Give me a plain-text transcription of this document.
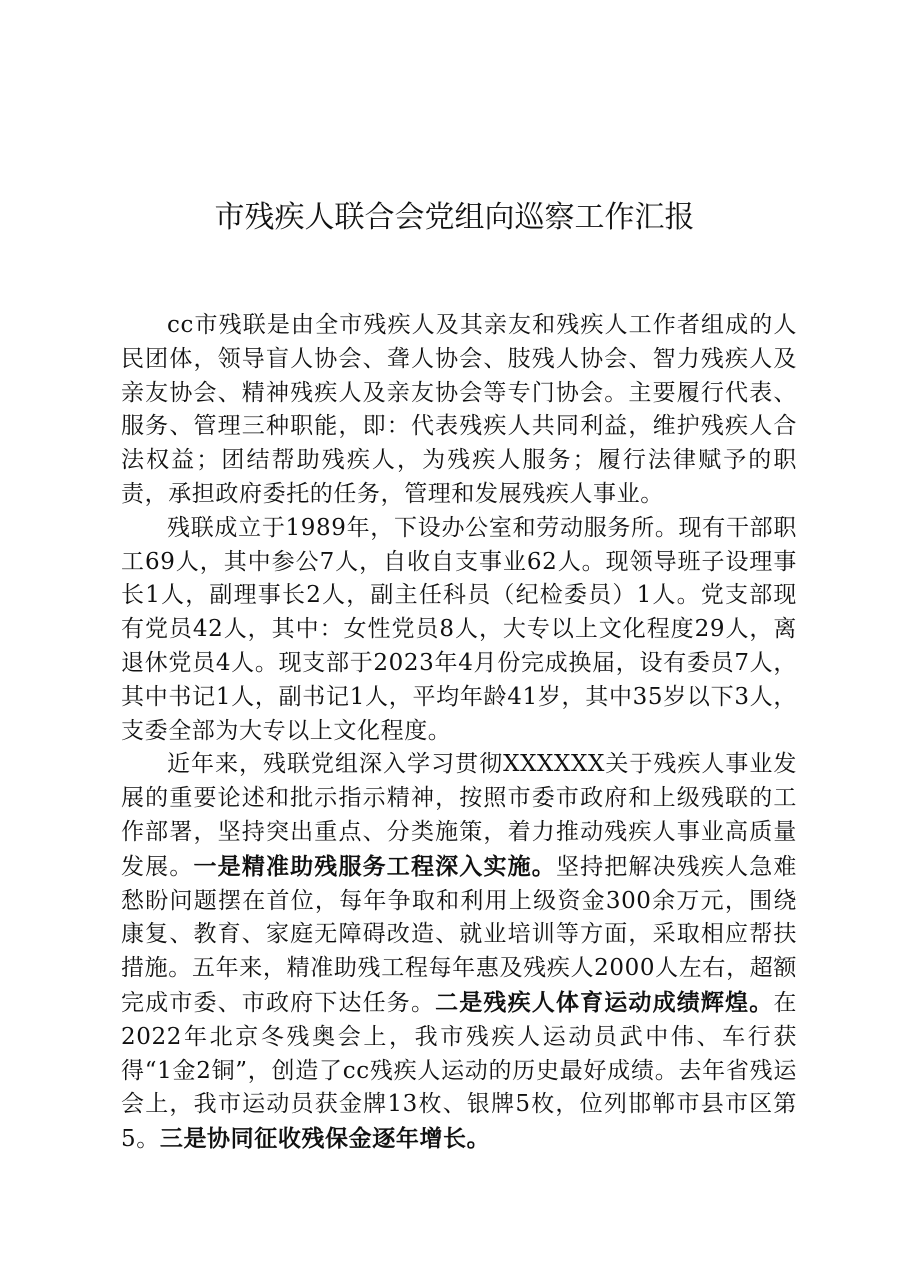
市残疾人联合会党组向巡察工作汇报

cc市残联是由全市残疾人及其亲友和残疾人工作者组成的人民团体，领导盲人协会、聋人协会、肢残人协会、智力残疾人及亲友协会、精神残疾人及亲友协会等专门协会。主要履行代表、服务、管理三种职能，即：代表残疾人共同利益，维护残疾人合法权益；团结帮助残疾人，为残疾人服务；履行法律赋予的职责，承担政府委托的任务，管理和发展残疾人事业。

残联成立于1989年，下设办公室和劳动服务所。现有干部职工69人，其中参公7人，自收自支事业62人。现领导班子设理事长1人，副理事长2人，副主任科员（纪检委员）1人。党支部现有党员42人，其中：女性党员8人，大专以上文化程度29人，离退休党员4人。现支部于2023年4月份完成换届，设有委员7人，其中书记1人，副书记1人，平均年龄41岁，其中35岁以下3人，支委全部为大专以上文化程度。

近年来，残联党组深入学习贯彻XXXXXX关于残疾人事业发展的重要论述和批示指示精神，按照市委市政府和上级残联的工作部署，坚持突出重点、分类施策，着力推动残疾人事业高质量发展。一是精准助残服务工程深入实施。坚持把解决残疾人急难愁盼问题摆在首位，每年争取和利用上级资金300余万元，围绕康复、教育、家庭无障碍改造、就业培训等方面，采取相应帮扶措施。五年来，精准助残工程每年惠及残疾人2000人左右，超额完成市委、市政府下达任务。二是残疾人体育运动成绩辉煌。在2022年北京冬残奥会上，我市残疾人运动员武中伟、车行获得“1金2铜”，创造了cc残疾人运动的历史最好成绩。去年省残运会上，我市运动员获金牌13枚、银牌5枚，位列邯郸市县市区第5。三是协同征收残保金逐年增长。
